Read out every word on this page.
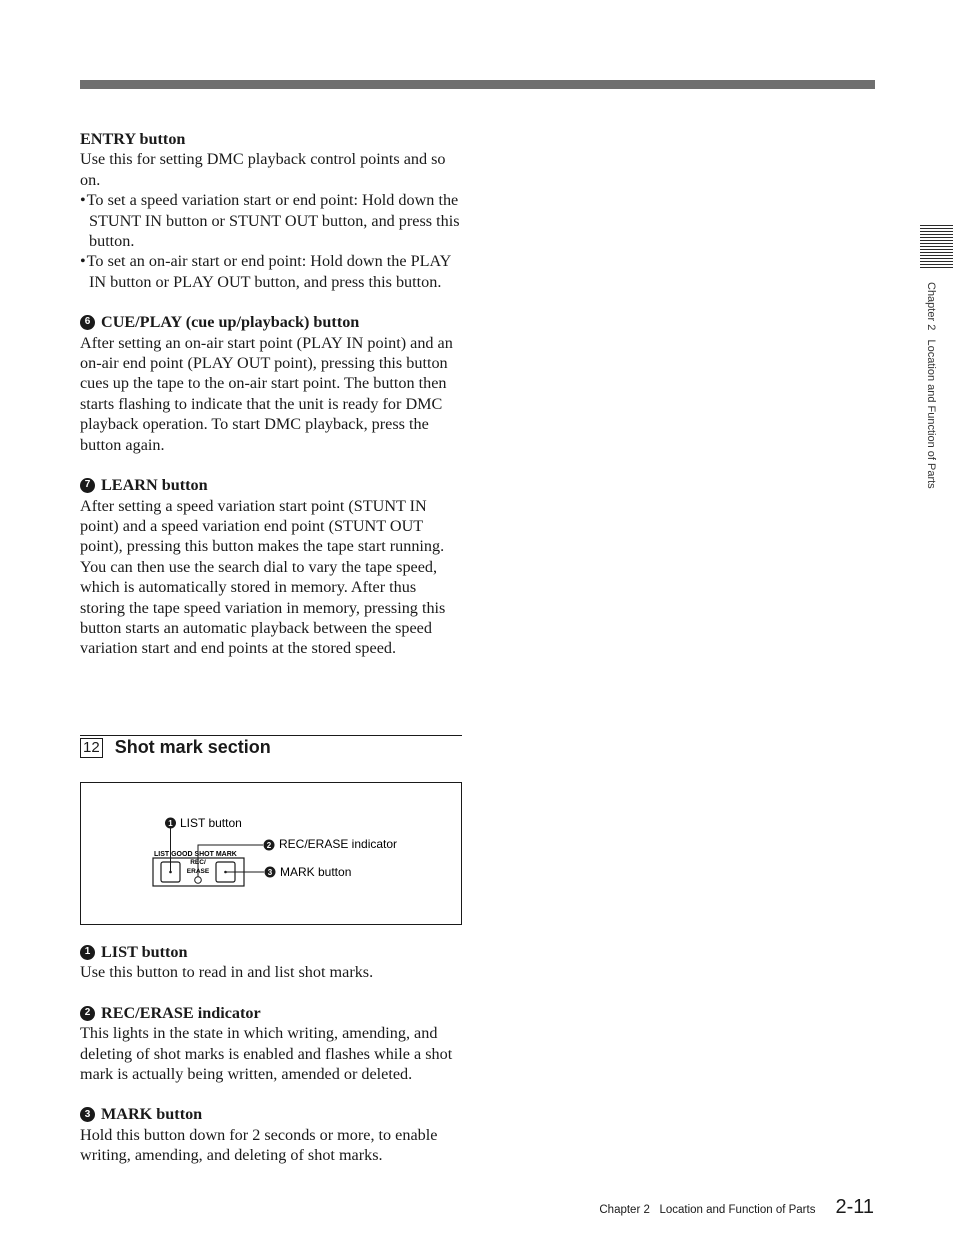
ENTRY button

Use this for setting DMC playback control points and so on.

• To set a speed variation start or end point: Hold down the STUNT IN button or STUNT OUT button, and press this button.
• To set an on-air start or end point: Hold down the PLAY IN button or PLAY OUT button, and press this button.
6 CUE/PLAY (cue up/playback) button

After setting an on-air start point (PLAY IN point) and an on-air end point (PLAY OUT point), pressing this button cues up the tape to the on-air start point. The button then starts flashing to indicate that the unit is ready for DMC playback operation. To start DMC playback, press the button again.

7 LEARN button

After setting a speed variation start point (STUNT IN point) and a speed variation end point (STUNT OUT point), pressing this button makes the tape start running. You can then use the search dial to vary the tape speed, which is automatically stored in memory. After thus storing the tape speed variation in memory, pressing this button starts an automatic playback between the speed variation start and end points at the stored speed.

12 Shot mark section
LIST GOOD SHOT MARK
REC/
ERASE
1 LIST button
2 REC/ERASE indicator
3 MARK button
1 LIST button

Use this button to read in and list shot marks.

2 REC/ERASE indicator

This lights in the state in which writing, amending, and deleting of shot marks is enabled and flashes while a shot mark is actually being written, amended or deleted.

3 MARK button

Hold this button down for 2 seconds or more, to enable writing, amending, and deleting of shot marks.

Chapter 2   Location and Function of Parts
Chapter 2   Location and Function of Parts 2-11
